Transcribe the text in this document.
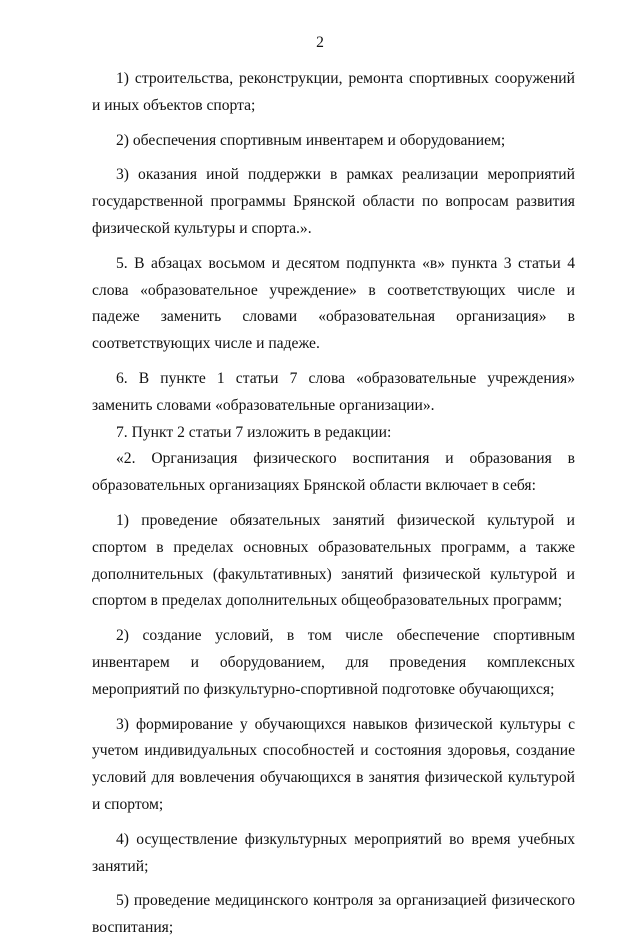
2

1) строительства, реконструкции, ремонта спортивных сооружений и иных объектов спорта;

2) обеспечения спортивным инвентарем и оборудованием;

3) оказания иной поддержки в рамках реализации мероприятий государственной программы Брянской области по вопросам развития физической культуры и спорта.».

5. В абзацах восьмом и десятом подпункта «в» пункта 3 статьи 4 слова «образовательное учреждение» в соответствующих числе и падеже заменить словами «образовательная организация» в соответствующих числе и падеже.

6. В пункте 1 статьи 7 слова «образовательные учреждения» заменить словами «образовательные организации».

7. Пункт 2 статьи 7 изложить в редакции:

«2. Организация физического воспитания и образования в образовательных организациях Брянской области включает в себя:

1) проведение обязательных занятий физической культурой и спортом в пределах основных образовательных программ, а также дополнительных (факультативных) занятий физической культурой и спортом в пределах дополнительных общеобразовательных программ;

2) создание условий, в том числе обеспечение спортивным инвентарем и оборудованием, для проведения комплексных мероприятий по физкультурно-спортивной подготовке обучающихся;

3) формирование у обучающихся навыков физической культуры с учетом индивидуальных способностей и состояния здоровья, создание условий для вовлечения обучающихся в занятия физической культурой и спортом;

4) осуществление физкультурных мероприятий во время учебных занятий;

5) проведение медицинского контроля за организацией физического воспитания;
